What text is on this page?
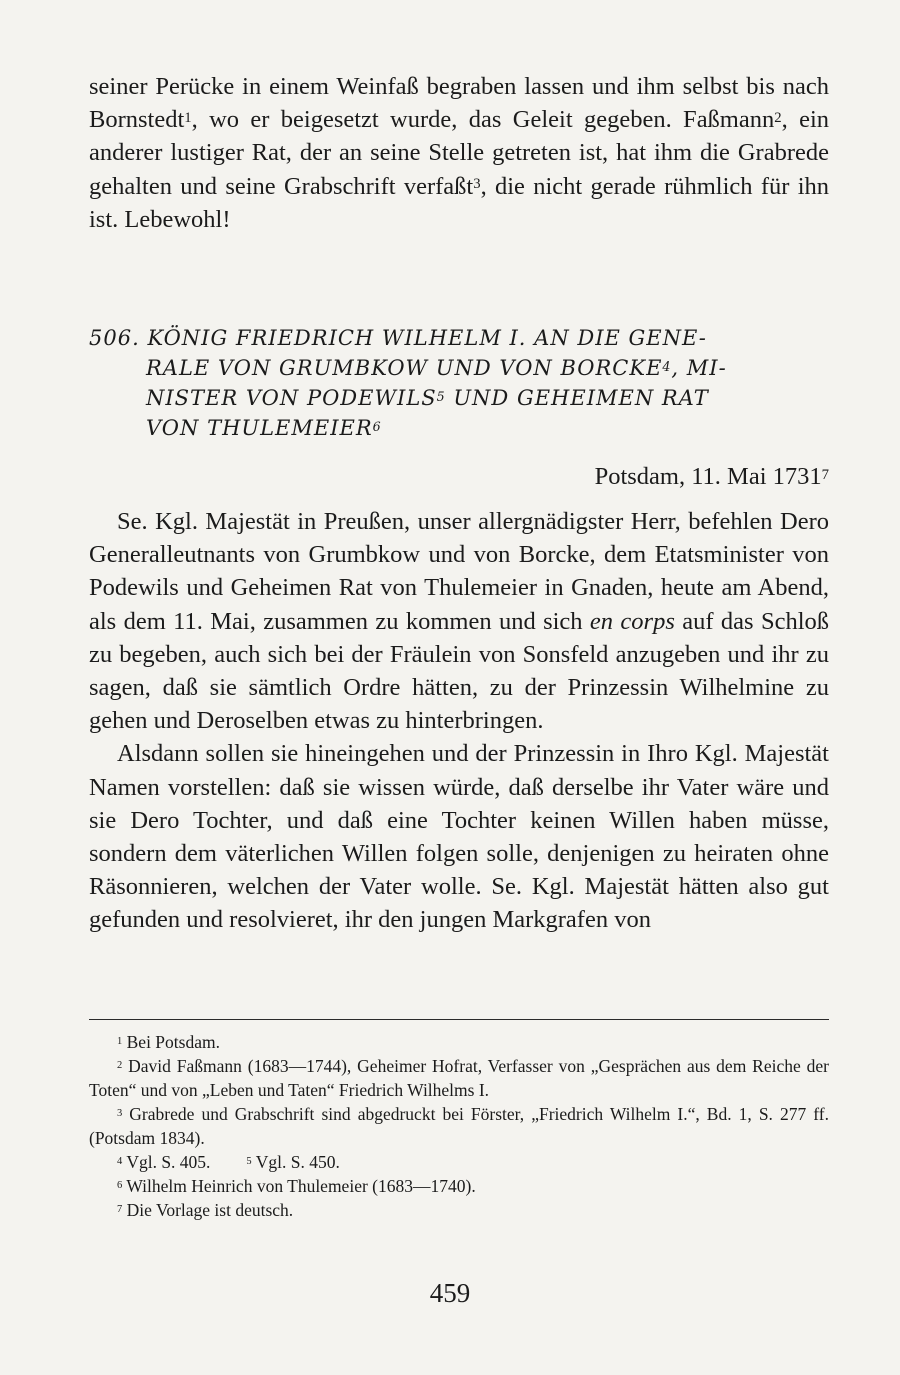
seiner Perücke in einem Weinfaß begraben lassen und ihm selbst bis nach Bornstedt$^1$, wo er beigesetzt wurde, das Geleit gegeben. Faßmann$^2$, ein anderer lustiger Rat, der an seine Stelle getreten ist, hat ihm die Grabrede gehalten und seine Grabschrift verfaßt$^3$, die nicht gerade rühmlich für ihn ist. Lebewohl!

506. KÖNIG FRIEDRICH WILHELM I. AN DIE GENE-
RALE VON GRUMBKOW UND VON BORCKE$^4$, MI-
NISTER VON PODEWILS$^5$ UND GEHEIMEN RAT
VON THULEMEIER$^6$
Potsdam, 11. Mai 1731$^7$

Se. Kgl. Majestät in Preußen, unser allergnädigster Herr, befehlen Dero Generalleutnants von Grumbkow und von Borcke, dem Etatsminister von Podewils und Geheimen Rat von Thulemeier in Gnaden, heute am Abend, als dem 11. Mai, zusammen zu kommen und sich en corps auf das Schloß zu begeben, auch sich bei der Fräulein von Sonsfeld anzugeben und ihr zu sagen, daß sie sämtlich Ordre hätten, zu der Prinzessin Wilhelmine zu gehen und Deroselben etwas zu hinterbringen.

Alsdann sollen sie hineingehen und der Prinzessin in Ihro Kgl. Majestät Namen vorstellen: daß sie wissen würde, daß derselbe ihr Vater wäre und sie Dero Tochter, und daß eine Tochter keinen Willen haben müsse, sondern dem väterlichen Willen folgen solle, denjenigen zu heiraten ohne Räsonnieren, welchen der Vater wolle. Se. Kgl. Majestät hätten also gut gefunden und resolvieret, ihr den jungen Markgrafen von

$^1$ Bei Potsdam.

$^2$ David Faßmann (1683—1744), Geheimer Hofrat, Verfasser von „Gesprächen aus dem Reiche der Toten“ und von „Leben und Taten“ Friedrich Wilhelms I.

$^3$ Grabrede und Grabschrift sind abgedruckt bei Förster, „Friedrich Wilhelm I.“, Bd. 1, S. 277 ff. (Potsdam 1834).

$^4$ Vgl. S. 405.	$^5$ Vgl. S. 450.

$^6$ Wilhelm Heinrich von Thulemeier (1683—1740).

$^7$ Die Vorlage ist deutsch.

459
